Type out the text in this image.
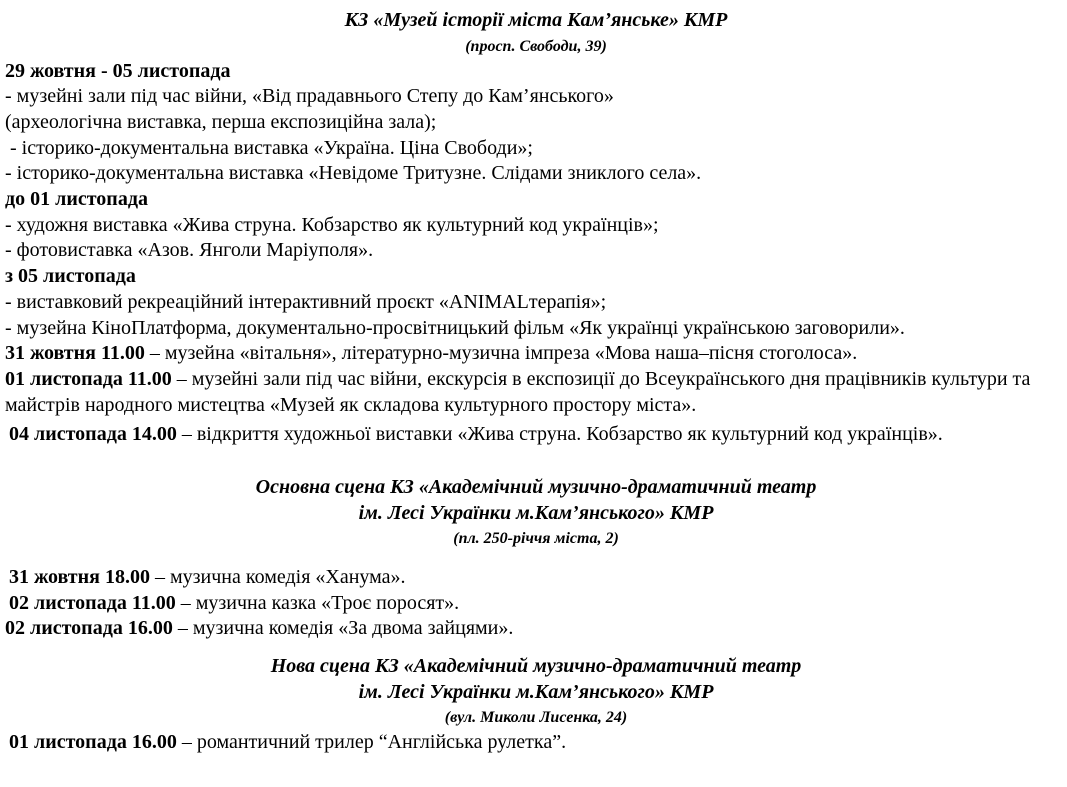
КЗ «Музей історії міста Кам’янське» КМР
(просп. Свободи, 39)
29 жовтня - 05 листопада
- музейні зали під час війни, «Від прадавнього Степу до Кам’янського»
(археологічна виставка, перша експозиційна зала);
- історико-документальна виставка «Україна. Ціна Свободи»;
- історико-документальна виставка «Невідоме Тритузне. Слідами зниклого села».
до 01 листопада
- художня виставка «Жива струна. Кобзарство як культурний код українців»;
- фотовиставка «Азов. Янголи Маріуполя».
з 05 листопада
- виставковий рекреаційний інтерактивний проєкт «ANIMALтерапія»;
- музейна КіноПлатформа, документально-просвітницький фільм «Як українці українською заговорили».
31 жовтня 11.00 – музейна «вітальня», літературно-музична імпреза «Мова наша–пісня стоголоса».
01 листопада 11.00 – музейні зали під час війни, екскурсія в експозиції до Всеукраїнського дня працівників культури та майстрів народного мистецтва «Музей як складова культурного простору міста».
04 листопада 14.00 – відкриття художньої виставки «Жива струна. Кобзарство як культурний код українців».
Основна сцена КЗ «Академічний музично-драматичний театр
ім. Лесі Українки м.Кам’янського» КМР
(пл. 250-річчя міста, 2)
31 жовтня 18.00 – музична комедія «Ханума».
02 листопада 11.00 – музична казка «Троє поросят».
02 листопада 16.00 – музична комедія «За двома зайцями».
Нова сцена КЗ «Академічний музично-драматичний театр
ім. Лесі Українки м.Кам’янського» КМР
(вул. Миколи Лисенка, 24)
01 листопада 16.00 – романтичний трилер “Англійська рулетка”.
